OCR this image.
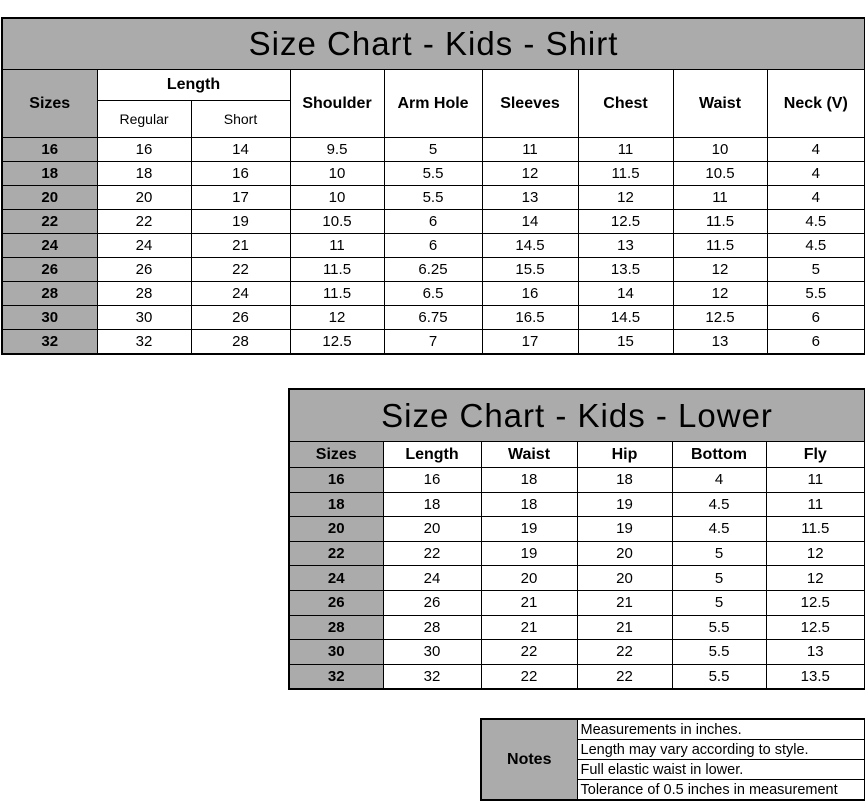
Size Chart - Kids - Shirt								
Sizes	Length		Shoulder	Arm Hole	Sleeves	Chest	Waist	Neck (V)
	Regular	Short						
16	16	14	9.5	5	11	11	10	4
18	18	16	10	5.5	12	11.5	10.5	4
20	20	17	10	5.5	13	12	11	4
22	22	19	10.5	6	14	12.5	11.5	4.5
24	24	21	11	6	14.5	13	11.5	4.5
26	26	22	11.5	6.25	15.5	13.5	12	5
28	28	24	11.5	6.5	16	14	12	5.5
30	30	26	12	6.75	16.5	14.5	12.5	6
32	32	28	12.5	7	17	15	13	6
Size Chart - Kids - Lower					
Sizes	Length	Waist	Hip	Bottom	Fly
16	16	18	18	4	11
18	18	18	19	4.5	11
20	20	19	19	4.5	11.5
22	22	19	20	5	12
24	24	20	20	5	12
26	26	21	21	5	12.5
28	28	21	21	5.5	12.5
30	30	22	22	5.5	13
32	32	22	22	5.5	13.5
Notes	Measurements in inches.
Length may vary according to style.
Full elastic waist in lower.
Tolerance of 0.5 inches in measurement
